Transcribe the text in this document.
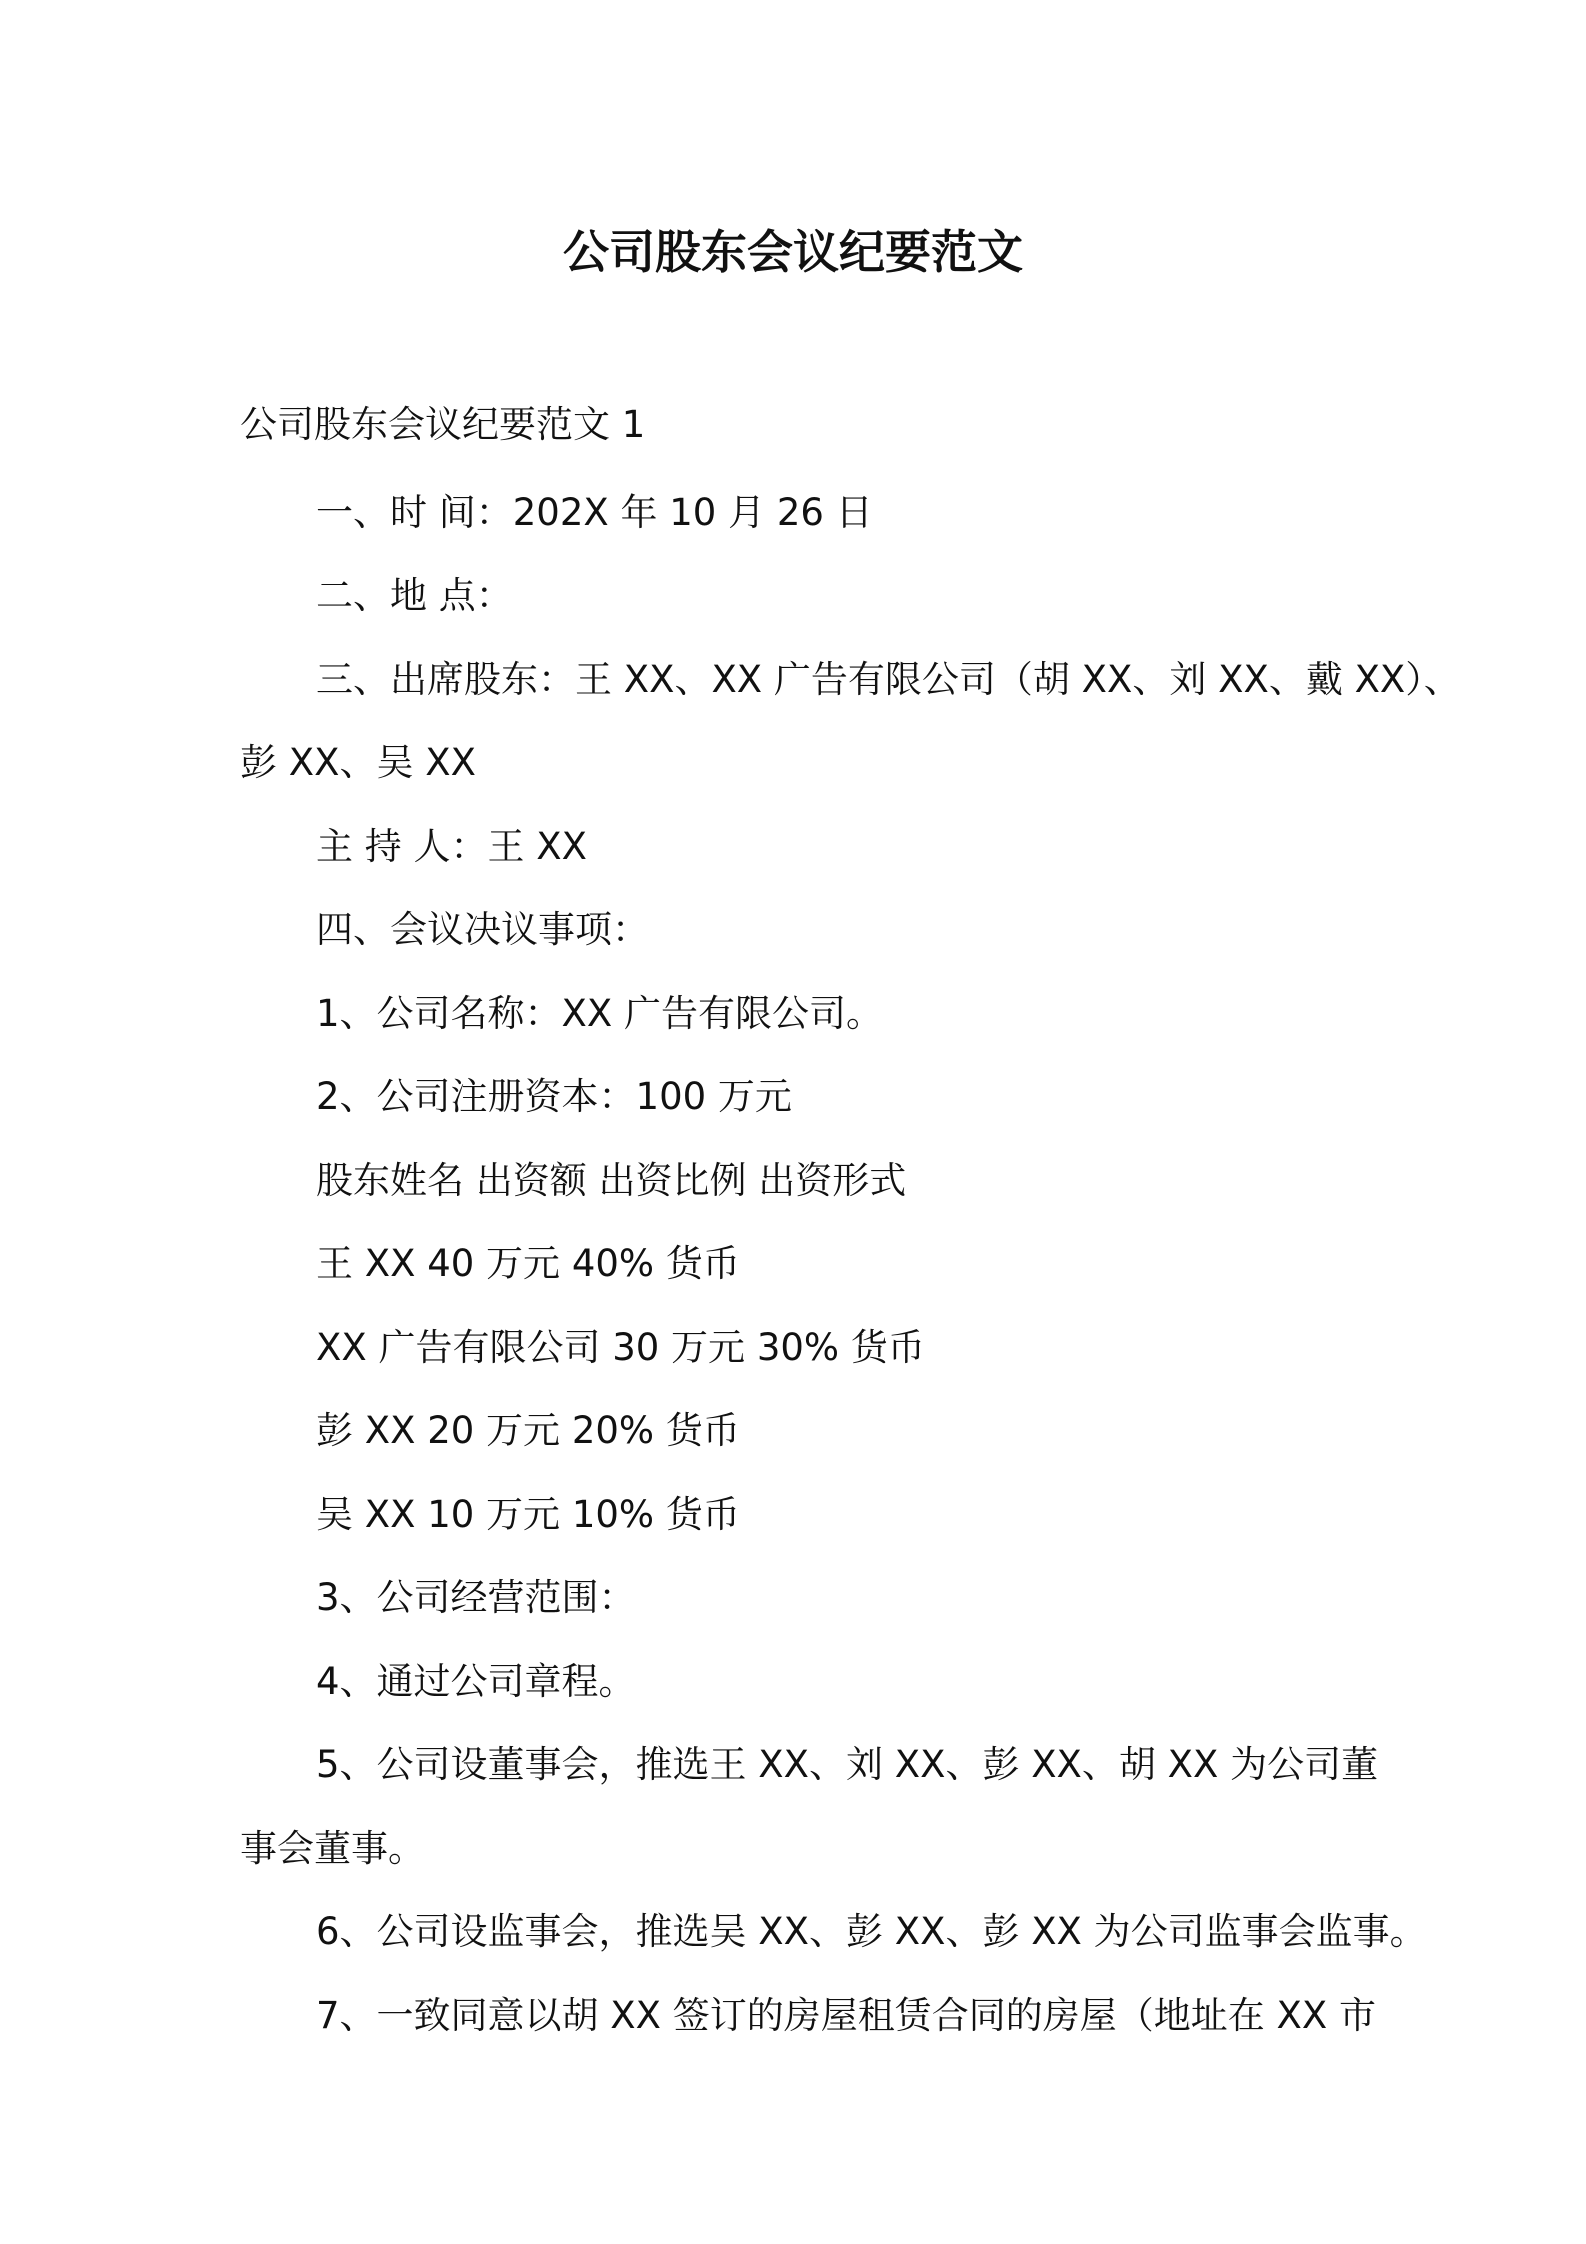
公司股东会议纪要范文

公司股东会议纪要范文 1

一、时 间：202X 年 10 月 26 日

二、地 点：

三、出席股东：王 XX、XX 广告有限公司（胡 XX、刘 XX、戴 XX）、

彭 XX、吴 XX

主 持 人：王 XX

四、会议决议事项：

1、公司名称：XX 广告有限公司。

2、公司注册资本：100 万元

股东姓名 出资额 出资比例 出资形式

王 XX 40 万元 40% 货币

XX 广告有限公司 30 万元 30% 货币

彭 XX 20 万元 20% 货币

吴 XX 10 万元 10% 货币

3、公司经营范围：

4、通过公司章程。

5、公司设董事会，推选王 XX、刘 XX、彭 XX、胡 XX 为公司董

事会董事。

6、公司设监事会，推选吴 XX、彭 XX、彭 XX 为公司监事会监事。

7、一致同意以胡 XX 签订的房屋租赁合同的房屋（地址在 XX 市
